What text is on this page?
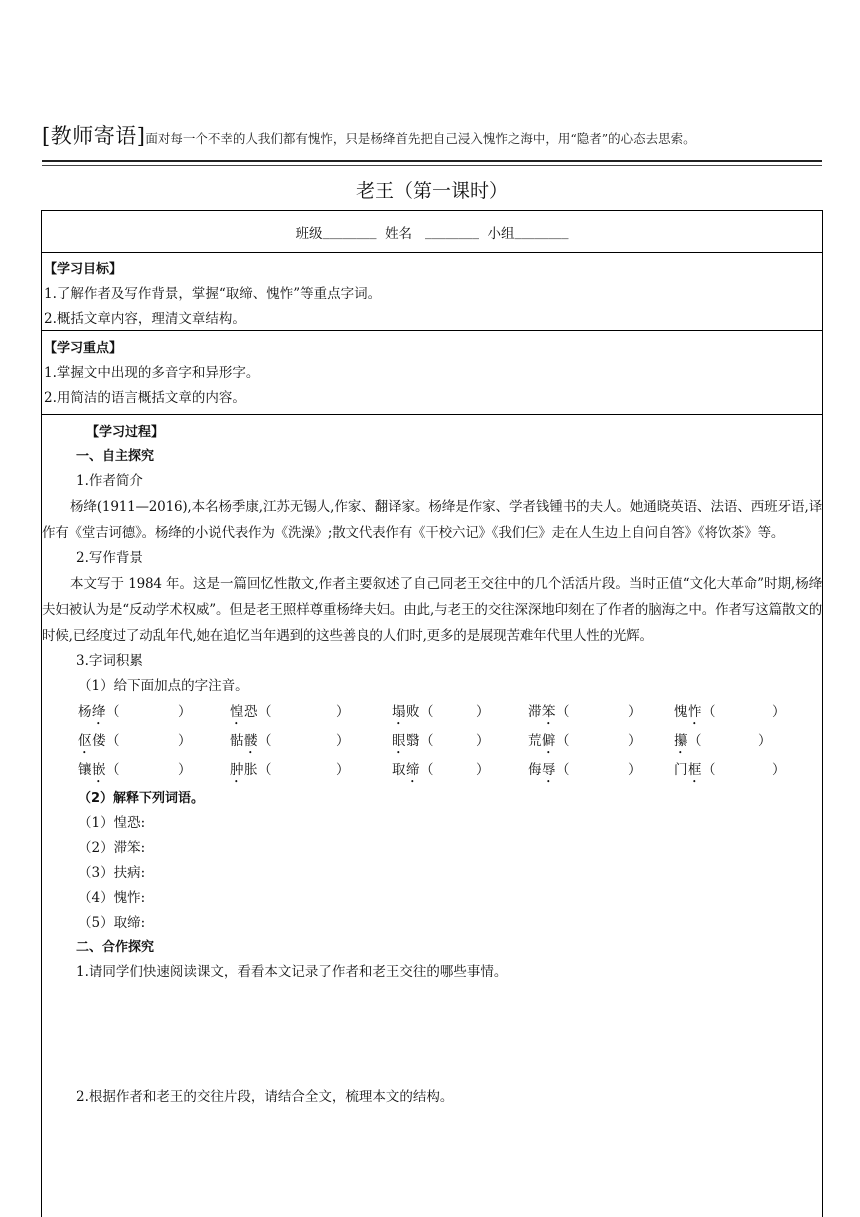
[教师寄语]面对每一个不幸的人我们都有愧怍，只是杨绛首先把自己浸入愧怍之海中，用“隐者”的心态去思索。
老王（第一课时）
班级 ________
姓名
________
小组 ________
【学习目标】
1.了解作者及写作背景，掌握“取缔、愧怍”等重点字词。
2.概括文章内容，理清文章结构。
【学习重点】
1.掌握文中出现的多音字和异形字。
2.用简洁的语言概括文章的内容。
【学习过程】
一、自主探究
1.作者简介
杨绛(1911—2016),本名杨季康,江苏无锡人,作家、翻译家。杨绛是作家、学者钱锺书的夫人。她通晓英语、法语、西班牙语,译作有《堂吉诃德》。杨绛的小说代表作为《洗澡》;散文代表作有《干校六记》《我们仨》走在人生边上自问自答》《将饮茶》等。
2.写作背景
本文写于 1984 年。这是一篇回忆性散文,作者主要叙述了自己同老王交往中的几个活活片段。当时正值“文化大革命”时期,杨绛夫妇被认为是“反动学术权威”。但是老王照样尊重杨绛夫妇。由此,与老王的交往深深地印刻在了作者的脑海之中。作者写这篇散文的时候,已经度过了动乱年代,她在追忆当年遇到的这些善良的人们时,更多的是展现苦难年代里人性的光辉。
3.字词积累
（1）给下面加点的字注音。
杨绛 （	）	惶恐 （	）	塌败 （	）	滞笨 （	） 愧怍 （	）
伛偻 （	）	骷髅 （	）	眼翳 （	）	荒僻 （	） 攥 （	）
镶嵌 （	）	肿胀 （	）	取缔 （	）	侮辱 （	） 门框 （	）
（2）解释下列词语。
（1）惶恐:
（2）滞笨:
（3）扶病:
（4）愧怍:
（5）取缔:
二、合作探究
1.请同学们快速阅读课文，看看本文记录了作者和老王交往的哪些事情。
2.根据作者和老王的交往片段，请结合全文，梳理本文的结构。
